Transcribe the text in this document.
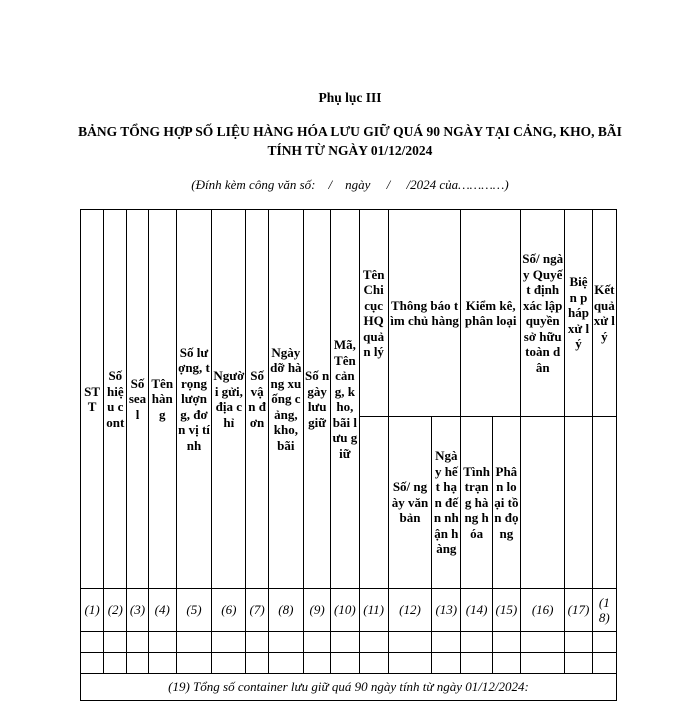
Phụ lục III
BẢNG TỔNG HỢP SỐ LIỆU HÀNG HÓA LƯU GIỮ QUÁ 90 NGÀY TẠI CẢNG, KHO, BÃI TÍNH TỪ NGÀY 01/12/2024
(Đính kèm công văn số:    /    ngày     /     /2024 của…………)
STT	Số hiệu cont	Số seal	Tên hàng	Số lượng, trọng lượng, đơn vị tính	Người gửi, địa chỉ	Số vận đơn	Ngày dỡ hàng xuống cảng, kho, bãi	Số ngày lưu giữ	Mã, Tên cảng, kho, bãi lưu giữ	Tên Chi cục HQ quản lý	Thông báo tìm chủ hàng		Kiểm kê, phân loại		Số/ ngày Quyết định xác lập quyền sở hữu toàn dân	Biện pháp xử lý	Kết quả xử lý
											Số/ ngày văn bản	Ngày hết hạn đến nhận hàng	Tình trạng hàng hóa	Phân loại tồn đọng			
(1)	(2)	(3)	(4)	(5)	(6)	(7)	(8)	(9)	(10)	(11)	(12)	(13)	(14)	(15)	(16)	(17)	(18)

(19) Tổng số container lưu giữ quá 90 ngày tính từ ngày 01/12/2024:																	
